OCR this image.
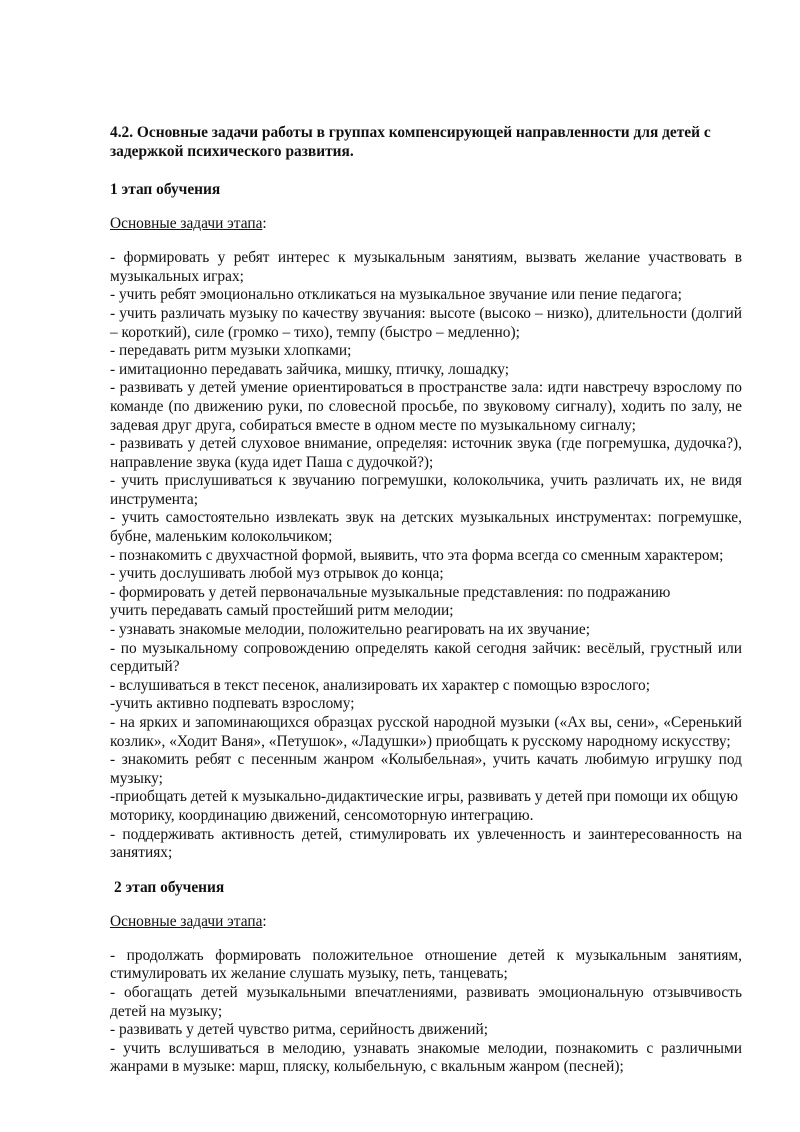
4.2. Основные задачи работы в группах компенсирующей направленности для детей с задержкой психического развития.

1 этап обучения

Основные задачи этапа:

- формировать у ребят интерес к музыкальным занятиям, вызвать желание участвовать в музыкальных играх;

- учить ребят эмоционально откликаться на музыкальное звучание или пение педагога;

- учить различать музыку по качеству звучания: высоте (высоко – низко), длительности (долгий – короткий), силе (громко – тихо), темпу (быстро – медленно);

- передавать ритм музыки хлопками;

- имитационно передавать зайчика, мишку, птичку, лошадку;

- развивать у детей умение ориентироваться в пространстве зала: идти навстречу взрослому по команде (по движению руки, по словесной просьбе, по звуковому сигналу), ходить по залу, не задевая друг друга, собираться вместе в одном месте по музыкальному сигналу;

- развивать у детей слуховое внимание, определяя: источник звука (где погремушка, дудочка?), направление звука (куда идет Паша с дудочкой?);

- учить прислушиваться к звучанию погремушки, колокольчика, учить различать их, не видя инструмента;

- учить самостоятельно извлекать звук на детских музыкальных инструментах: погремушке, бубне, маленьким колокольчиком;

- познакомить с двухчастной формой, выявить, что эта форма всегда со сменным характером;

- учить дослушивать любой муз отрывок до конца;

- формировать у детей первоначальные музыкальные представления: по подражанию

учить передавать самый простейший ритм мелодии;

- узнавать знакомые мелодии, положительно реагировать на их звучание;

- по музыкальному сопровождению определять какой сегодня зайчик: весёлый, грустный или сердитый?

- вслушиваться в текст песенок, анализировать их характер с помощью взрослого;

-учить активно подпевать взрослому;

- на ярких и запоминающихся образцах русской народной музыки («Ах вы, сени», «Серенький козлик», «Ходит Ваня», «Петушок», «Ладушки») приобщать к русскому народному искусству;

- знакомить ребят с песенным жанром «Колыбельная», учить качать любимую игрушку под музыку;

-приобщать детей к музыкально-дидактические игры, развивать у детей при помощи их общую моторику, координацию движений, сенсомоторную интеграцию.

- поддерживать активность детей, стимулировать их увлеченность и заинтересованность на занятиях;

2 этап обучения

Основные задачи этапа:

- продолжать формировать положительное отношение детей к музыкальным занятиям, стимулировать их желание слушать музыку, петь, танцевать;

- обогащать детей музыкальными впечатлениями, развивать эмоциональную отзывчивость детей на музыку;

- развивать у детей чувство ритма, серийность движений;

- учить вслушиваться в мелодию, узнавать знакомые мелодии, познакомить с различными жанрами в музыке: марш, пляску, колыбельную, с вкальным жанром (песней);
